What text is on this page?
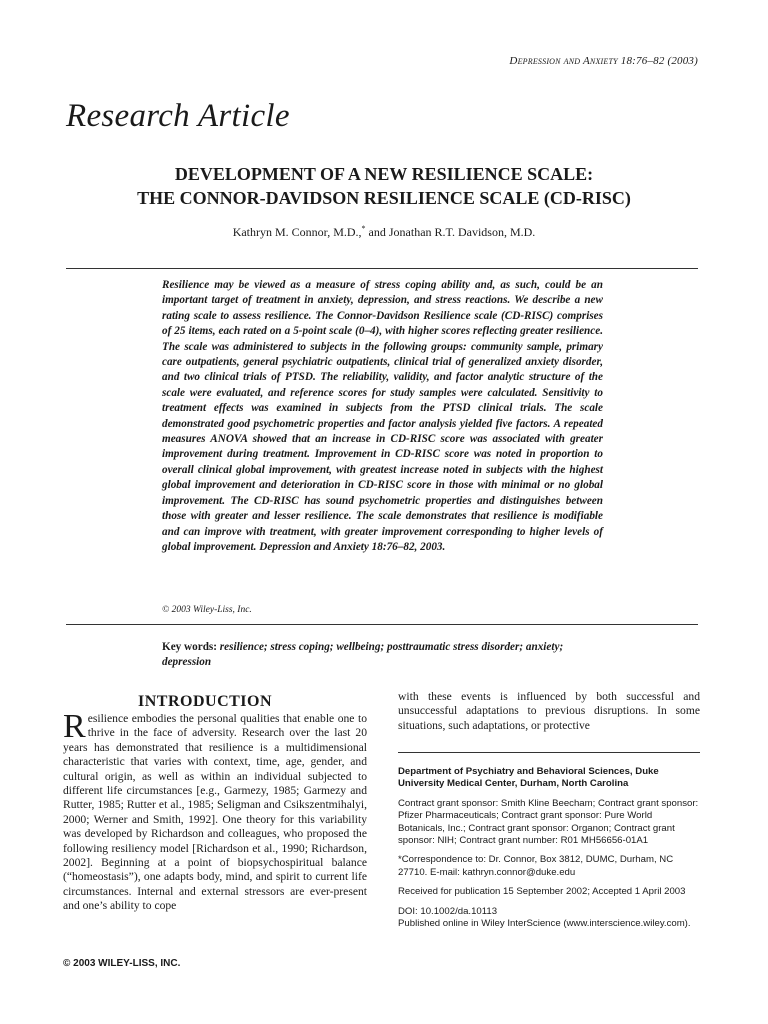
Depression and Anxiety 18:76–82 (2003)
Research Article
DEVELOPMENT OF A NEW RESILIENCE SCALE:
THE CONNOR-DAVIDSON RESILIENCE SCALE (CD-RISC)
Kathryn M. Connor, M.D.,* and Jonathan R.T. Davidson, M.D.
Resilience may be viewed as a measure of stress coping ability and, as such, could be an important target of treatment in anxiety, depression, and stress reactions. We describe a new rating scale to assess resilience. The Connor-Davidson Resilience scale (CD-RISC) comprises of 25 items, each rated on a 5-point scale (0–4), with higher scores reflecting greater resilience. The scale was administered to subjects in the following groups: community sample, primary care outpatients, general psychiatric outpatients, clinical trial of generalized anxiety disorder, and two clinical trials of PTSD. The reliability, validity, and factor analytic structure of the scale were evaluated, and reference scores for study samples were calculated. Sensitivity to treatment effects was examined in subjects from the PTSD clinical trials. The scale demonstrated good psychometric properties and factor analysis yielded five factors. A repeated measures ANOVA showed that an increase in CD-RISC score was associated with greater improvement during treatment. Improvement in CD-RISC score was noted in proportion to overall clinical global improvement, with greatest increase noted in subjects with the highest global improvement and deterioration in CD-RISC score in those with minimal or no global improvement. The CD-RISC has sound psychometric properties and distinguishes between those with greater and lesser resilience. The scale demonstrates that resilience is modifiable and can improve with treatment, with greater improvement corresponding to higher levels of global improvement. Depression and Anxiety 18:76–82, 2003.
© 2003 Wiley-Liss, Inc.
Key words: resilience; stress coping; wellbeing; posttraumatic stress disorder; anxiety; depression
INTRODUCTION
Resilience embodies the personal qualities that enable one to thrive in the face of adversity. Research over the last 20 years has demonstrated that resilience is a multidimensional characteristic that varies with context, time, age, gender, and cultural origin, as well as within an individual subjected to different life circumstances [e.g., Garmezy, 1985; Garmezy and Rutter, 1985; Rutter et al., 1985; Seligman and Csikszentmihalyi, 2000; Werner and Smith, 1992]. One theory for this variability was developed by Richardson and colleagues, who proposed the following resiliency model [Richardson et al., 1990; Richardson, 2002]. Beginning at a point of biopsychospiritual balance (“homeostasis”), one adapts body, mind, and spirit to current life circumstances. Internal and external stressors are ever-present and one’s ability to cope
with these events is influenced by both successful and unsuccessful adaptations to previous disruptions. In some situations, such adaptations, or protective

Department of Psychiatry and Behavioral Sciences, Duke University Medical Center, Durham, North Carolina

Contract grant sponsor: Smith Kline Beecham; Contract grant sponsor: Pfizer Pharmaceuticals; Contract grant sponsor: Pure World Botanicals, Inc.; Contract grant sponsor: Organon; Contract grant sponsor: NIH; Contract grant number: R01 MH56656-01A1

*Correspondence to: Dr. Connor, Box 3812, DUMC, Durham, NC 27710. E-mail: kathryn.connor@duke.edu

Received for publication 15 September 2002; Accepted 1 April 2003

DOI: 10.1002/da.10113

Published online in Wiley InterScience (www.interscience.wiley.com).

© 2003 WILEY-LISS, INC.
